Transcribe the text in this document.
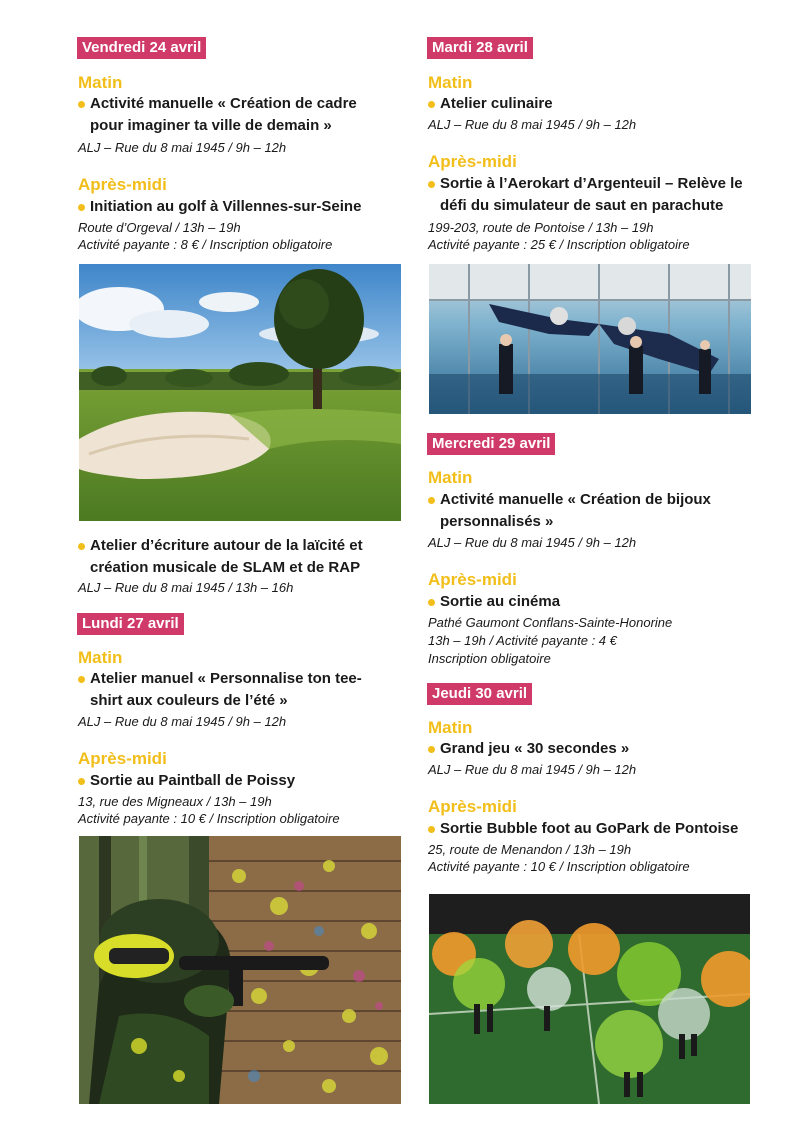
Vendredi 24 avril
Matin
Activité manuelle « Création de cadre pour imaginer ta ville de demain »
ALJ – Rue du 8 mai 1945 / 9h – 12h
Après-midi
Initiation au golf à Villennes-sur-Seine
Route d’Orgeval / 13h – 19h
Activité payante : 8 € / Inscription obligatoire
Atelier d’écriture autour de la laïcité et création musicale de SLAM et de RAP
ALJ – Rue du 8 mai 1945 / 13h – 16h
Lundi 27 avril
Matin
Atelier manuel « Personnalise ton tee-shirt aux couleurs de l’été »
ALJ – Rue du 8 mai 1945 / 9h – 12h
Après-midi
Sortie au Paintball de Poissy
13, rue des Migneaux / 13h – 19h
Activité payante : 10 € / Inscription obligatoire
Mardi 28 avril
Matin
Atelier culinaire
ALJ – Rue du 8 mai 1945 / 9h – 12h
Après-midi
Sortie à l’Aerokart d’Argenteuil – Relève le défi du simulateur de saut en parachute
199-203, route de Pontoise / 13h – 19h
Activité payante : 25 € / Inscription obligatoire
Mercredi 29 avril
Matin
Activité manuelle « Création de bijoux personnalisés »
ALJ – Rue du 8 mai 1945 / 9h – 12h
Après-midi
Sortie au cinéma
Pathé Gaumont Conflans-Sainte-Honorine
13h – 19h / Activité payante : 4 €
Inscription obligatoire
Jeudi 30 avril
Matin
Grand jeu « 30 secondes »
ALJ – Rue du 8 mai 1945 / 9h – 12h
Après-midi
Sortie Bubble foot au GoPark de Pontoise
25, route de Menandon / 13h – 19h
Activité payante : 10 € / Inscription obligatoire
